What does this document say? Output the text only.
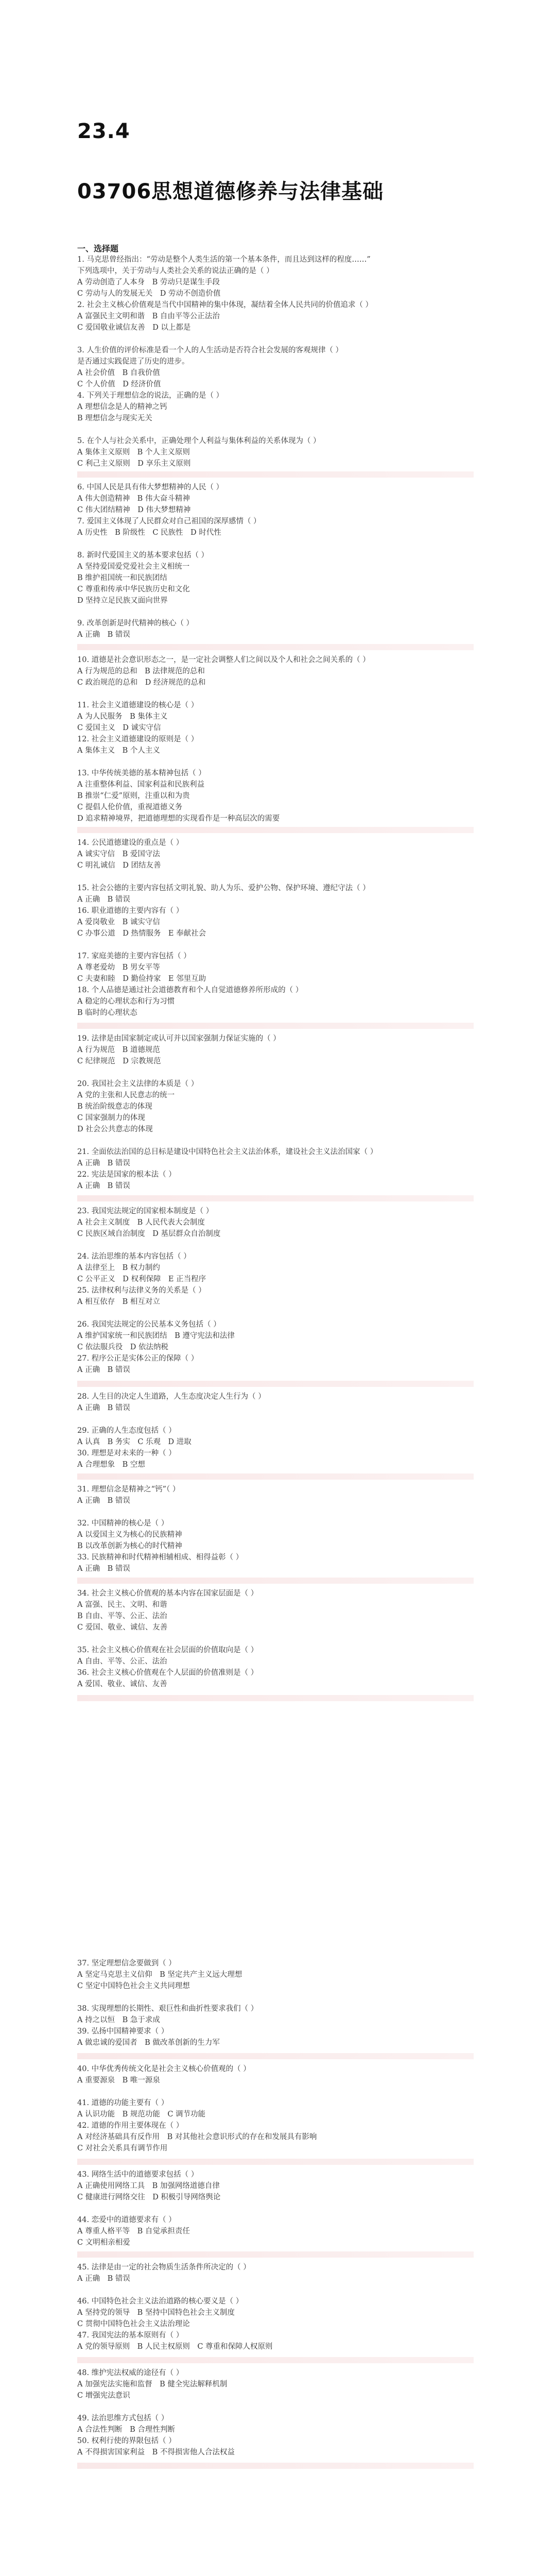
23.4
03706思想道德修养与法律基础
一、选择题
1. 马克思曾经指出：“劳动是整个人类生活的第一个基本条件，而且达到这样的程度……”
下列选项中，关于劳动与人类社会关系的说法正确的是（ ）
A 劳动创造了人本身　B 劳动只是谋生手段
C 劳动与人的发展无关　D 劳动不创造价值
2. 社会主义核心价值观是当代中国精神的集中体现，凝结着全体人民共同的价值追求（ ）
A 富强民主文明和谐　B 自由平等公正法治
C 爱国敬业诚信友善　D 以上都是
3. 人生价值的评价标准是看一个人的人生活动是否符合社会发展的客观规律（ ）
是否通过实践促进了历史的进步。
A 社会价值　B 自我价值
C 个人价值　D 经济价值
4. 下列关于理想信念的说法，正确的是（ ）
A 理想信念是人的精神之钙
B 理想信念与现实无关
5. 在个人与社会关系中，正确处理个人利益与集体利益的关系体现为（ ）
A 集体主义原则　B 个人主义原则
C 利己主义原则　D 享乐主义原则
6. 中国人民是具有伟大梦想精神的人民（ ）
A 伟大创造精神　B 伟大奋斗精神
C 伟大团结精神　D 伟大梦想精神
7. 爱国主义体现了人民群众对自己祖国的深厚感情（ ）
A 历史性　B 阶级性　C 民族性　D 时代性
8. 新时代爱国主义的基本要求包括（ ）
A 坚持爱国爱党爱社会主义相统一
B 维护祖国统一和民族团结
C 尊重和传承中华民族历史和文化
D 坚持立足民族又面向世界
9. 改革创新是时代精神的核心（ ）
A 正确　B 错误
10. 道德是社会意识形态之一，是一定社会调整人们之间以及个人和社会之间关系的（ ）
A 行为规范的总和　B 法律规范的总和
C 政治规范的总和　D 经济规范的总和
11. 社会主义道德建设的核心是（ ）
A 为人民服务　B 集体主义
C 爱国主义　D 诚实守信
12. 社会主义道德建设的原则是（ ）
A 集体主义　B 个人主义
13. 中华传统美德的基本精神包括（ ）
A 注重整体利益、国家利益和民族利益
B 推崇“仁爱”原则，注重以和为贵
C 提倡人伦价值，重视道德义务
D 追求精神境界，把道德理想的实现看作是一种高层次的需要
14. 公民道德建设的重点是（ ）
A 诚实守信　B 爱国守法
C 明礼诚信　D 团结友善
15. 社会公德的主要内容包括文明礼貌、助人为乐、爱护公物、保护环境、遵纪守法（ ）
A 正确　B 错误
16. 职业道德的主要内容有（ ）
A 爱岗敬业　B 诚实守信
C 办事公道　D 热情服务　E 奉献社会
17. 家庭美德的主要内容包括（ ）
A 尊老爱幼　B 男女平等
C 夫妻和睦　D 勤俭持家　E 邻里互助
18. 个人品德是通过社会道德教育和个人自觉道德修养所形成的（ ）
A 稳定的心理状态和行为习惯
B 临时的心理状态
19. 法律是由国家制定或认可并以国家强制力保证实施的（ ）
A 行为规范　B 道德规范
C 纪律规范　D 宗教规范
20. 我国社会主义法律的本质是（ ）
A 党的主张和人民意志的统一
B 统治阶级意志的体现
C 国家强制力的体现
D 社会公共意志的体现
21. 全面依法治国的总目标是建设中国特色社会主义法治体系，建设社会主义法治国家（ ）
A 正确　B 错误
22. 宪法是国家的根本法（ ）
A 正确　B 错误
23. 我国宪法规定的国家根本制度是（ ）
A 社会主义制度　B 人民代表大会制度
C 民族区域自治制度　D 基层群众自治制度
24. 法治思维的基本内容包括（ ）
A 法律至上　B 权力制约
C 公平正义　D 权利保障　E 正当程序
25. 法律权利与法律义务的关系是（ ）
A 相互依存　B 相互对立
26. 我国宪法规定的公民基本义务包括（ ）
A 维护国家统一和民族团结　B 遵守宪法和法律
C 依法服兵役　D 依法纳税
27. 程序公正是实体公正的保障（ ）
A 正确　B 错误
28. 人生目的决定人生道路，人生态度决定人生行为（ ）
A 正确　B 错误
29. 正确的人生态度包括（ ）
A 认真　B 务实　C 乐观　D 进取
30. 理想是对未来的一种（ ）
A 合理想象　B 空想
31. 理想信念是精神之“钙”（ ）
A 正确　B 错误
32. 中国精神的核心是（ ）
A 以爱国主义为核心的民族精神
B 以改革创新为核心的时代精神
33. 民族精神和时代精神相辅相成、相得益彰（ ）
A 正确　B 错误
34. 社会主义核心价值观的基本内容在国家层面是（ ）
A 富强、民主、文明、和谐
B 自由、平等、公正、法治
C 爱国、敬业、诚信、友善
35. 社会主义核心价值观在社会层面的价值取向是（ ）
A 自由、平等、公正、法治
36. 社会主义核心价值观在个人层面的价值准则是（ ）
A 爱国、敬业、诚信、友善
37. 坚定理想信念要做到（ ）
A 坚定马克思主义信仰　B 坚定共产主义远大理想
C 坚定中国特色社会主义共同理想
38. 实现理想的长期性、艰巨性和曲折性要求我们（ ）
A 持之以恒　B 急于求成
39. 弘扬中国精神要求（ ）
A 做忠诚的爱国者　B 做改革创新的生力军
40. 中华优秀传统文化是社会主义核心价值观的（ ）
A 重要源泉　B 唯一源泉
41. 道德的功能主要有（ ）
A 认识功能　B 规范功能　C 调节功能
42. 道德的作用主要体现在（ ）
A 对经济基础具有反作用　B 对其他社会意识形式的存在和发展具有影响
C 对社会关系具有调节作用
43. 网络生活中的道德要求包括（ ）
A 正确使用网络工具　B 加强网络道德自律
C 健康进行网络交往　D 积极引导网络舆论
44. 恋爱中的道德要求有（ ）
A 尊重人格平等　B 自觉承担责任
C 文明相亲相爱
45. 法律是由一定的社会物质生活条件所决定的（ ）
A 正确　B 错误
46. 中国特色社会主义法治道路的核心要义是（ ）
A 坚持党的领导　B 坚持中国特色社会主义制度
C 贯彻中国特色社会主义法治理论
47. 我国宪法的基本原则有（ ）
A 党的领导原则　B 人民主权原则　C 尊重和保障人权原则
48. 维护宪法权威的途径有（ ）
A 加强宪法实施和监督　B 健全宪法解释机制
C 增强宪法意识
49. 法治思维方式包括（ ）
A 合法性判断　B 合理性判断
50. 权利行使的界限包括（ ）
A 不得损害国家利益　B 不得损害他人合法权益
